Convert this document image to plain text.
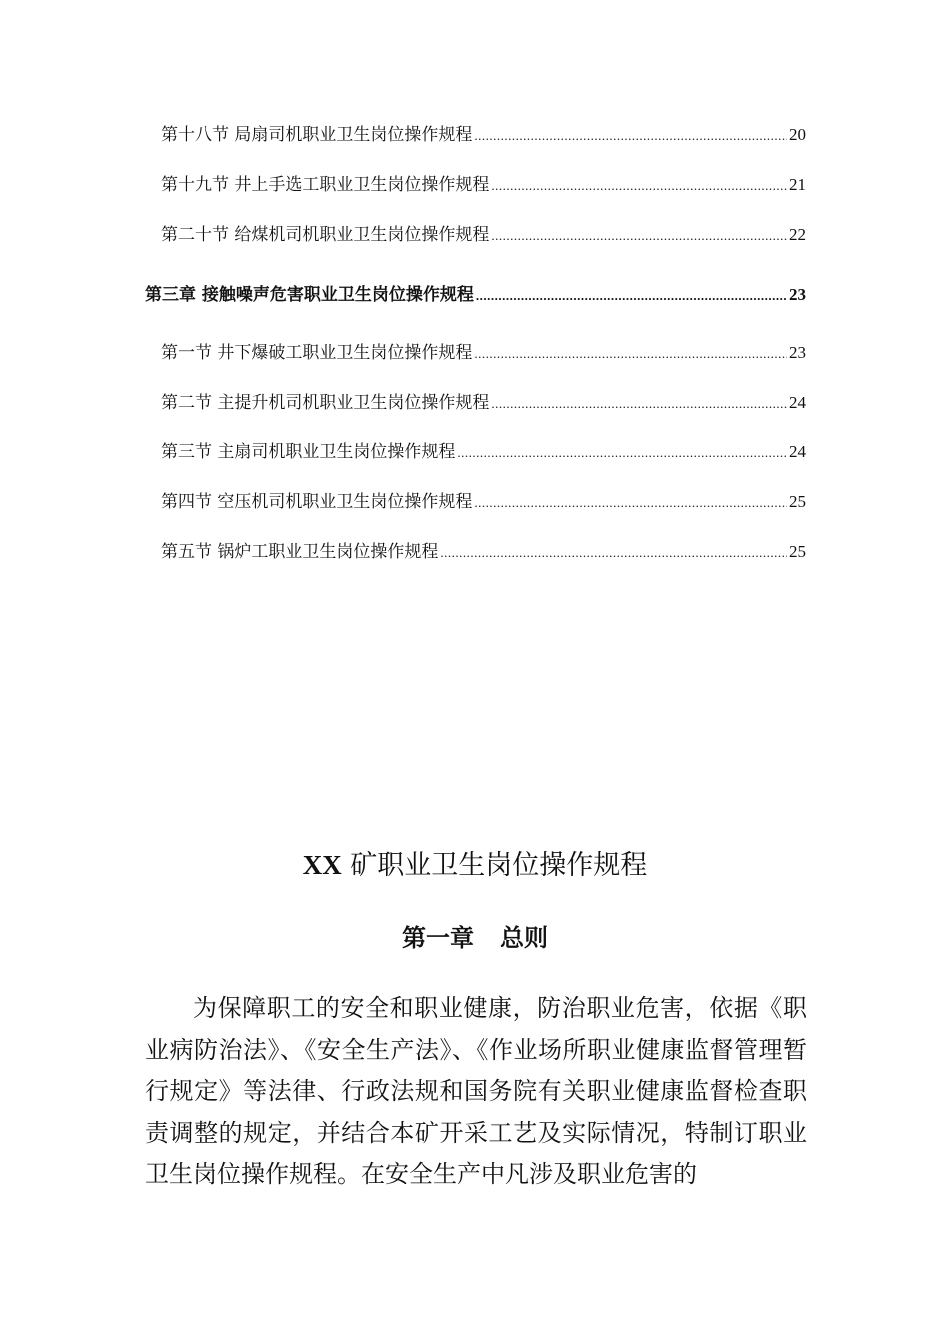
第十八节 局扇司机职业卫生岗位操作规程 .....	20
第十九节 井上手选工职业卫生岗位操作规程 .....	21
第二十节 给煤机司机职业卫生岗位操作规程 .....	22
第三章 接触噪声危害职业卫生岗位操作规程 .....	23
第一节 井下爆破工职业卫生岗位操作规程 .....	23
第二节 主提升机司机职业卫生岗位操作规程 .....	24
第三节 主扇司机职业卫生岗位操作规程 .....	24
第四节 空压机司机职业卫生岗位操作规程 .....	25
第五节 锅炉工职业卫生岗位操作规程 .....	25
XX 矿职业卫生岗位操作规程
第一章 总则

为保障职工的安全和职业健康，防治职业危害，依据《职业病防治法》、《安全生产法》、《作业场所职业健康监督管理暂行规定》等法律、行政法规和国务院有关职业健康监督检查职责调整的规定，并结合本矿开采工艺及实际情况，特制订职业卫生岗位操作规程。在安全生产中凡涉及职业危害的
